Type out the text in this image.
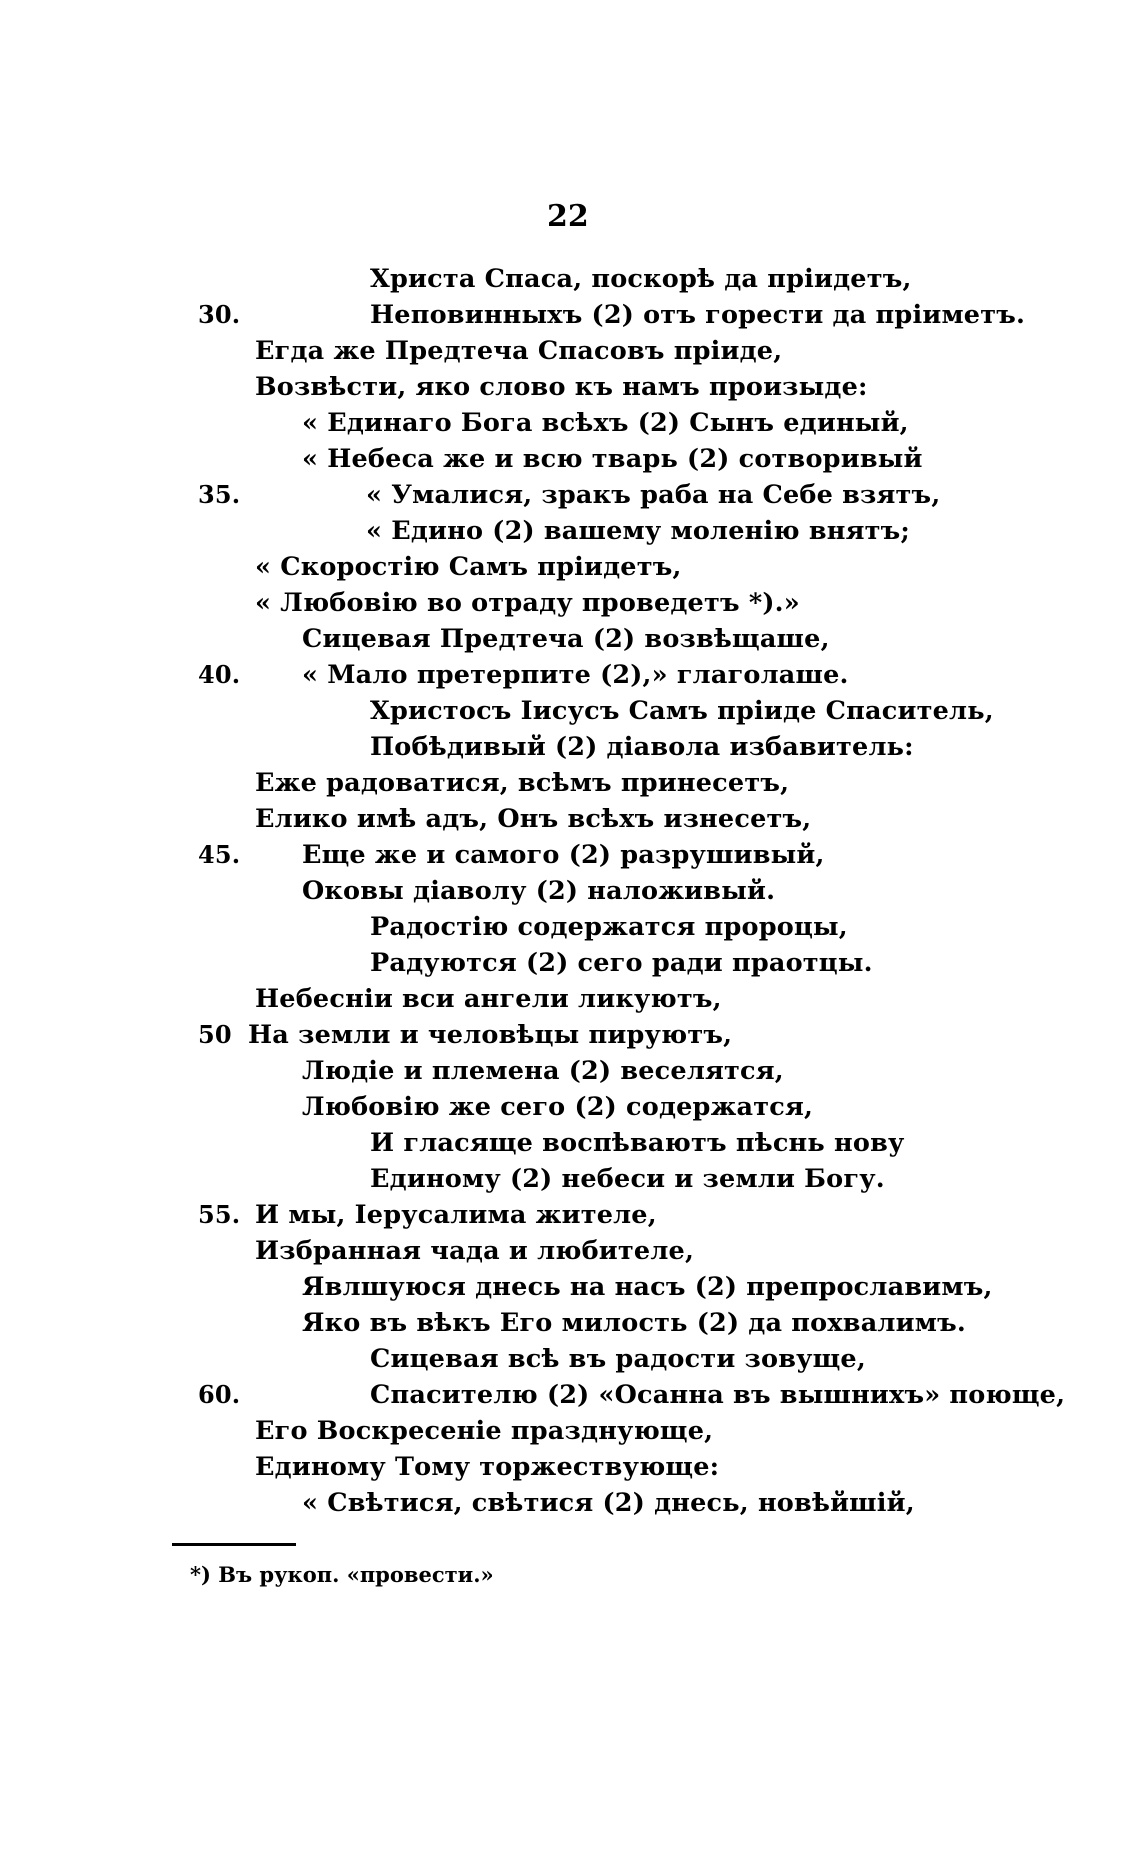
22
Христа Спаса, поскорѣ да пріидетъ,
30.	Неповинныхъ (2) отъ горести да пріиметъ.
Егда же Предтеча Спасовъ пріиде,
Возвѣсти, яко слово къ намъ произыде:
« Единаго Бога всѣхъ (2) Сынъ единый,
« Небеса же и всю тварь (2) сотворивый
35.	« Умалися, зракъ раба на Себе взятъ,
« Едино (2) вашему моленію внятъ;
« Скоростію Самъ пріидетъ,
« Любовію во отраду проведетъ *).»
Сицевая Предтеча (2) возвѣщаше,
40. « Мало претерпите (2),» глаголаше.
Христосъ Іисусъ Самъ пріиде Спаситель,
Побѣдивый (2) діавола избавитель:
Еже радоватися, всѣмъ принесетъ,
Елико имѣ адъ, Онъ всѣхъ изнесетъ,
45. Еще же и самого (2) разрушивый,
Оковы діаволу (2) наложивый.
Радостію содержатся пророцы,
Радуются (2) сего ради праотцы.
Небеснiи вси ангели ликуютъ,
50 На земли и человѣцы пируютъ,
Людіе и племена (2) веселятся,
Любовію же сего (2) содержатся,
И гласяще воспѣваютъ пѣснь нову
Единому (2) небеси и земли Богу.
55. И мы, Іерусалима жителе,
Избранная чада и любителе,
Явлшуюся днесь на насъ (2) препрославимъ,
Яко въ вѣкъ Его милость (2) да похвалимъ.
Сицевая всѣ въ радости зовуще,
60.	Спасителю (2) «Осанна въ вышнихъ» поюще,
Его Воскресеніе празднующе,
Единому Тому торжествующе:
« Свѣтися, свѣтися (2) днесь, новѣйшій,
*) Въ рукоп. «провести.»
